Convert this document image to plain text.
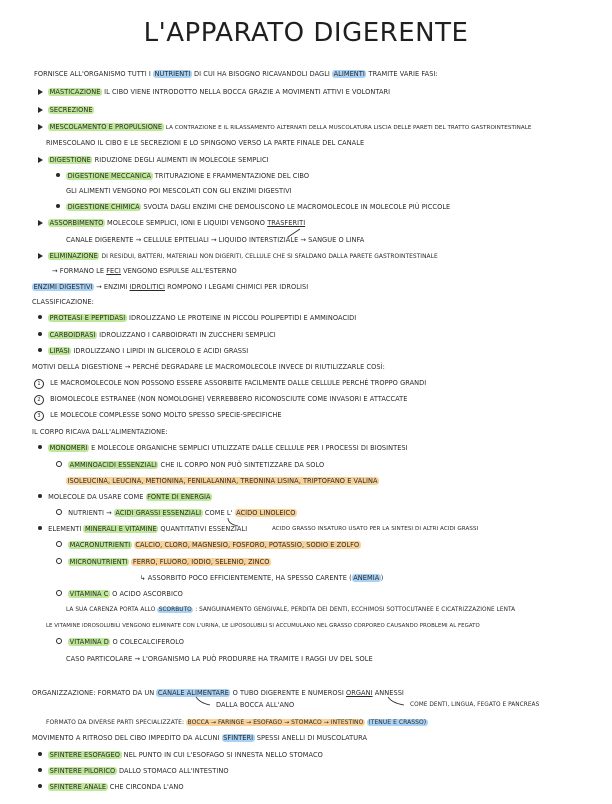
L'APPARATO DIGERENTE
FORNISCE ALL'ORGANISMO TUTTI I NUTRIENTI DI CUI HA BISOGNO RICAVANDOLI DAGLI ALIMENTI TRAMITE VARIE FASI:
MASTICAZIONE IL CIBO VIENE INTRODOTTO NELLA BOCCA GRAZIE A MOVIMENTI ATTIVI E VOLONTARI
SECREZIONE
MESCOLAMENTO E PROPULSIONE LA CONTRAZIONE E IL RILASSAMENTO ALTERNATI DELLA MUSCOLATURA LISCIA DELLE PARETI DEL TRATTO GASTROINTESTINALE
RIMESCOLANO IL CIBO E LE SECREZIONI E LO SPINGONO VERSO LA PARTE FINALE DEL CANALE
DIGESTIONE RIDUZIONE DEGLI ALIMENTI IN MOLECOLE SEMPLICI
DIGESTIONE MECCANICA TRITURAZIONE E FRAMMENTAZIONE DEL CIBO
GLI ALIMENTI VENGONO POI MESCOLATI CON GLI ENZIMI DIGESTIVI
DIGESTIONE CHIMICA SVOLTA DAGLI ENZIMI CHE DEMOLISCONO LE MACROMOLECOLE IN MOLECOLE PIÙ PICCOLE
ASSORBIMENTO MOLECOLE SEMPLICI, IONI E LIQUIDI VENGONO TRASFERITI
CANALE DIGERENTE → CELLULE EPITELIALI → LIQUIDO INTERSTIZIALE → SANGUE O LINFA
ELIMINAZIONE DI RESIDUI, BATTERI, MATERIALI NON DIGERITI, CELLULE CHE SI SFALDANO DALLA PARETE GASTROINTESTINALE
→ FORMANO LE FECI VENGONO ESPULSE ALL'ESTERNO
ENZIMI DIGESTIVI → ENZIMI IDROLITICI ROMPONO I LEGAMI CHIMICI PER IDROLISI
CLASSIFICAZIONE:
PROTEASI E PEPTIDASI IDROLIZZANO LE PROTEINE IN PICCOLI POLIPEPTIDI E AMMINOACIDI
CARBOIDRASI IDROLIZZANO I CARBOIDRATI IN ZUCCHERI SEMPLICI
LIPASI IDROLIZZANO I LIPIDI IN GLICEROLO E ACIDI GRASSI
MOTIVI DELLA DIGESTIONE → PERCHÉ DEGRADARE LE MACROMOLECOLE INVECE DI RIUTILIZZARLE COSÌ:
1 LE MACROMOLECOLE NON POSSONO ESSERE ASSORBITE FACILMENTE DALLE CELLULE PERCHÉ TROPPO GRANDI
2 BIOMOLECOLE ESTRANEE (NON NOMOLOGHE) VERREBBERO RICONOSCIUTE COME INVASORI E ATTACCATE
3 LE MOLECOLE COMPLESSE SONO MOLTO SPESSO SPECIE-SPECIFICHE
IL CORPO RICAVA DALL'ALIMENTAZIONE:
MONOMERI E MOLECOLE ORGANICHE SEMPLICI UTILIZZATE DALLE CELLULE PER I PROCESSI DI BIOSINTESI
AMMINOACIDI ESSENZIALI CHE IL CORPO NON PUÒ SINTETIZZARE DA SOLO
ISOLEUCINA, LEUCINA, METIONINA, FENILALANINA, TREONINA LISINA, TRIPTOFANO E VALINA
MOLECOLE DA USARE COME FONTE DI ENERGIA
NUTRIENTI → ACIDI GRASSI ESSENZIALI COME L' ACIDO LINOLEICO
ELEMENTI MINERALI E VITAMINE QUANTITATIVI ESSENZIALI	ACIDO GRASSO INSATURO USATO PER LA SINTESI DI ALTRI ACIDI GRASSI
MACRONUTRIENTI CALCIO, CLORO, MAGNESIO, FOSFORO, POTASSIO, SODIO E ZOLFO
MICRONUTRIENTI FERRO, FLUORO, IODIO, SELENIO, ZINCO
↳ ASSORBITO POCO EFFICIENTEMENTE, HA SPESSO CARENTE ( ANEMIA )
VITAMINA C O ACIDO ASCORBICO
LA SUA CARENZA PORTA ALLO SCORBUTO : SANGUINAMENTO GENGIVALE, PERDITA DEI DENTI, ECCHIMOSI SOTTOCUTANEE E CICATRIZZAZIONE LENTA
LE VITAMINE IDROSOLUBILI VENGONO ELIMINATE CON L'URINA, LE LIPOSOLUBILI SI ACCUMULANO NEL GRASSO CORPOREO CAUSANDO PROBLEMI AL FEGATO
VITAMINA D O COLECALCIFEROLO
CASO PARTICOLARE → L'ORGANISMO LA PUÒ PRODURRE HA TRAMITE I RAGGI UV DEL SOLE
ORGANIZZAZIONE: FORMATO DA UN CANALE ALIMENTARE O TUBO DIGERENTE E NUMEROSI ORGANI ANNESSI
DALLA BOCCA ALL'ANO	COME DENTI, LINGUA, FEGATO E PANCREAS
FORMATO DA DIVERSE PARTI SPECIALIZZATE: BOCCA → FARINGE → ESOFAGO → STOMACO → INTESTINO (TENUE E CRASSO)
MOVIMENTO A RITROSO DEL CIBO IMPEDITO DA ALCUNI SFINTERI SPESSI ANELLI DI MUSCOLATURA
SFINTERE ESOFAGEO NEL PUNTO IN CUI L'ESOFAGO SI INNESTA NELLO STOMACO
SFINTERE PILORICO DALLO STOMACO ALL'INTESTINO
SFINTERE ANALE CHE CIRCONDA L'ANO
